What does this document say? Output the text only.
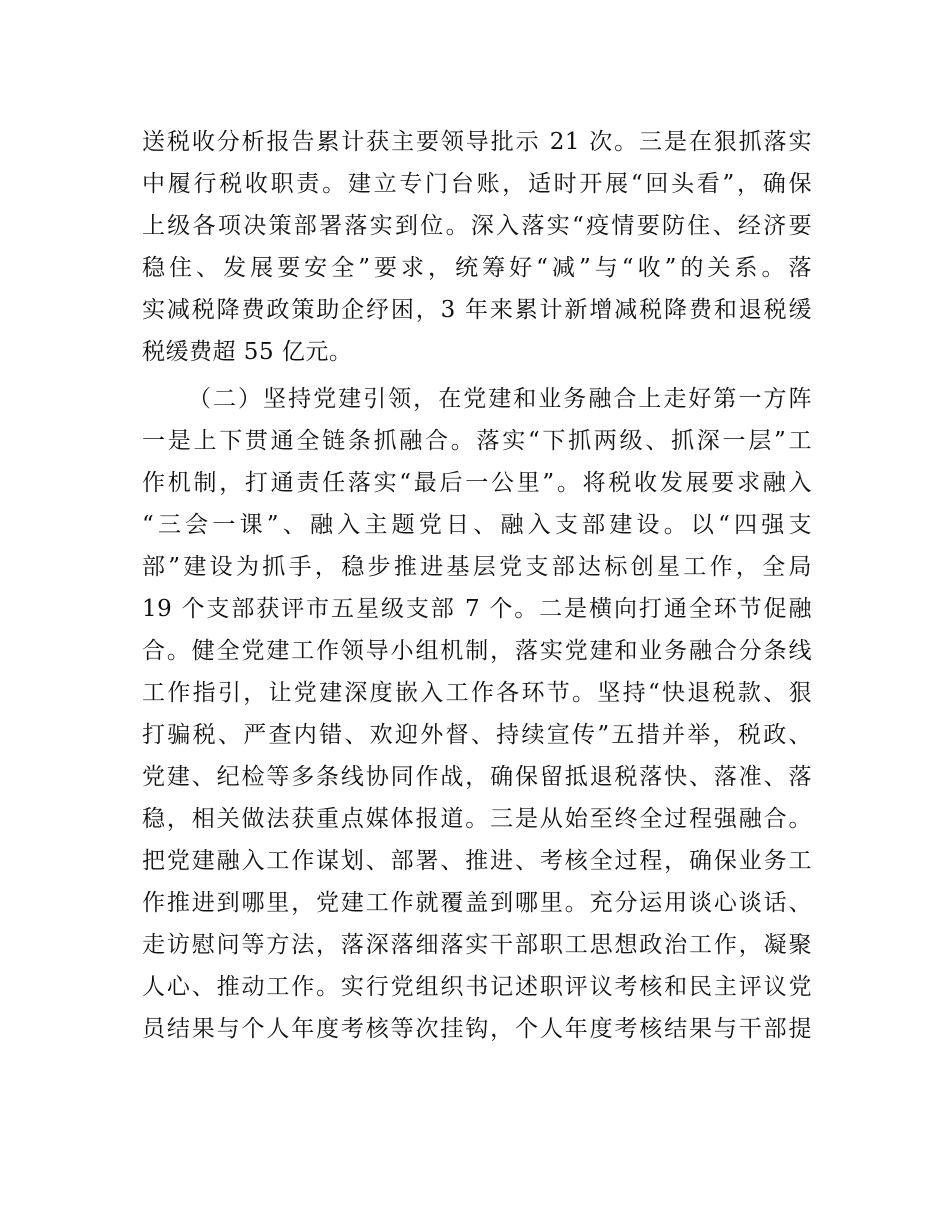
送税收分析报告累计获主要领导批示 21 次。三是在狠抓落实
中履行税收职责。建立专门台账，适时开展“回头看”，确保
上级各项决策部署落实到位。深入落实“疫情要防住、经济要
稳住、发展要安全”要求，统筹好“减”与“收”的关系。落
实减税降费政策助企纾困，3 年来累计新增减税降费和退税缓
税缓费超 55 亿元。
（二）坚持党建引领，在党建和业务融合上走好第一方阵
一是上下贯通全链条抓融合。落实“下抓两级、抓深一层”工
作机制，打通责任落实“最后一公里”。将税收发展要求融入
“三会一课”、融入主题党日、融入支部建设。以“四强支
部”建设为抓手，稳步推进基层党支部达标创星工作，全局
19 个支部获评市五星级支部 7 个。二是横向打通全环节促融
合。健全党建工作领导小组机制，落实党建和业务融合分条线
工作指引，让党建深度嵌入工作各环节。坚持“快退税款、狠
打骗税、严查内错、欢迎外督、持续宣传”五措并举，税政、
党建、纪检等多条线协同作战，确保留抵退税落快、落准、落
稳，相关做法获重点媒体报道。三是从始至终全过程强融合。
把党建融入工作谋划、部署、推进、考核全过程，确保业务工
作推进到哪里，党建工作就覆盖到哪里。充分运用谈心谈话、
走访慰问等方法，落深落细落实干部职工思想政治工作，凝聚
人心、推动工作。实行党组织书记述职评议考核和民主评议党
员结果与个人年度考核等次挂钩，个人年度考核结果与干部提
